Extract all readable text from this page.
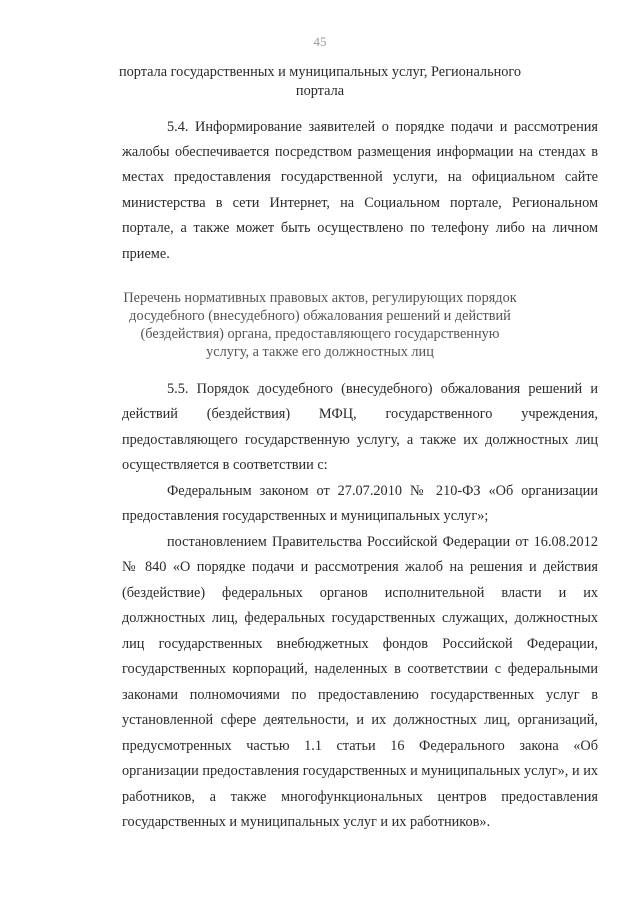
45
портала государственных и муниципальных услуг, Регионального
портала
5.4. Информирование заявителей о порядке подачи и рассмотрения
жалобы обеспечивается посредством размещения информации на стендах в
местах предоставления государственной услуги, на официальном сайте
министерства в сети Интернет, на Социальном портале, Региональном
портале, а также может быть осуществлено по телефону либо на личном
приеме.
Перечень нормативных правовых актов, регулирующих порядок
досудебного (внесудебного) обжалования решений и действий
(бездействия) органа, предоставляющего государственную
услугу, а также его должностных лиц
5.5. Порядок досудебного (внесудебного) обжалования решений и
действий (бездействия) МФЦ, государственного учреждения,
предоставляющего государственную услугу, а также их должностных лиц
осуществляется в соответствии с:
Федеральным законом от 27.07.2010 № 210-ФЗ «Об организации
предоставления государственных и муниципальных услуг»;
постановлением Правительства Российской Федерации от 16.08.2012
№ 840 «О порядке подачи и рассмотрения жалоб на решения и действия
(бездействие) федеральных органов исполнительной власти и их
должностных лиц, федеральных государственных служащих, должностных
лиц государственных внебюджетных фондов Российской Федерации,
государственных корпораций, наделенных в соответствии с федеральными
законами полномочиями по предоставлению государственных услуг в
установленной сфере деятельности, и их должностных лиц, организаций,
предусмотренных частью 1.1 статьи 16 Федерального закона «Об
организации предоставления государственных и муниципальных услуг», и их
работников, а также многофункциональных центров предоставления
государственных и муниципальных услуг и их работников».
